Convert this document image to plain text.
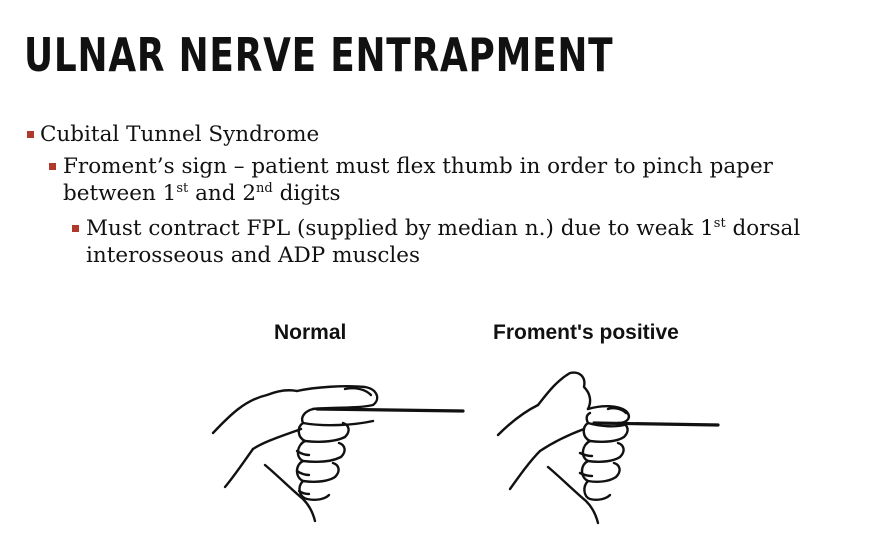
ULNAR NERVE ENTRAPMENT
Cubital Tunnel Syndrome
Froment’s sign – patient must flex thumb in order to pinch paper between 1st and 2nd digits
Must contract FPL (supplied by median n.) due to weak 1st dorsal interosseous and ADP muscles
Normal	Froment's positive
